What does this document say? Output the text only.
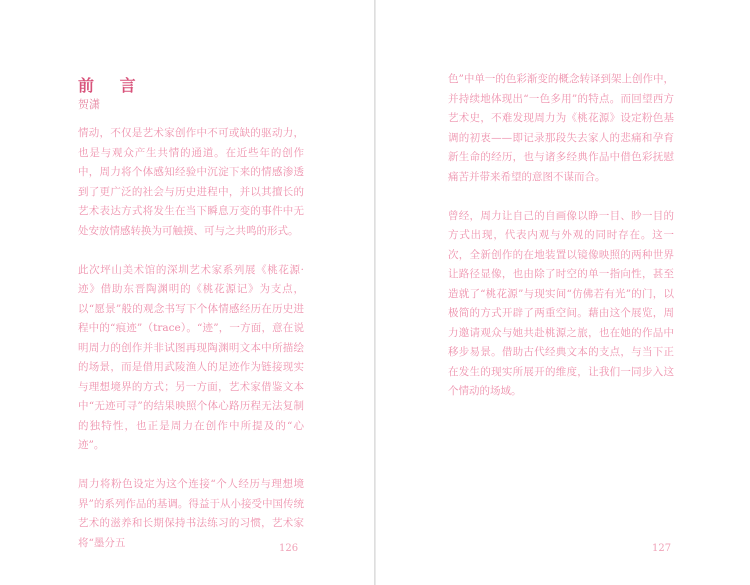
前 言
贺潇

情动，不仅是艺术家创作中不可或缺的驱动力，也是与观众产生共情的通道。在近些年的创作中，周力将个体感知经验中沉淀下来的情感渗透到了更广泛的社会与历史进程中，并以其擅长的艺术表达方式将发生在当下瞬息万变的事件中无处安放情感转换为可触摸、可与之共鸣的形式。

此次坪山美术馆的深圳艺术家系列展《桃花源·迹》借助东晋陶渊明的《桃花源记》为支点，以“愿景”般的观念书写下个体情感经历在历史进程中的“痕迹”（trace）。“迹”，一方面，意在说明周力的创作并非试图再现陶渊明文本中所描绘的场景，而是借用武陵渔人的足迹作为链接现实与理想境界的方式；另一方面，艺术家借鉴文本中“无迹可寻”的结果映照个体心路历程无法复制的独特性，也正是周力在创作中所提及的“心迹”。

周力将粉色设定为这个连接“个人经历与理想境界”的系列作品的基调。得益于从小接受中国传统艺术的滋养和长期保持书法练习的习惯，艺术家将“墨分五	126

色”中单一的色彩渐变的概念转译到架上创作中，并持续地体现出“一色多用”的特点。而回望西方艺术史，不难发现周力为《桃花源》设定粉色基调的初衷——即记录那段失去家人的悲痛和孕育新生命的经历，也与诸多经典作品中借色彩抚慰痛苦并带来希望的意图不谋而合。

曾经，周力让自己的自画像以睁一目、眇一目的方式出现，代表内观与外观的同时存在。这一次，全新创作的在地装置以镜像映照的两种世界让路径显像，也由除了时空的单一指向性，甚至造就了“桃花源”与现实间“仿佛若有光”的门，以极简的方式开辟了两重空间。藉由这个展览，周力邀请观众与她共赴桃源之旅，也在她的作品中移步易景。借助古代经典文本的支点，与当下正在发生的现实所展开的维度，让我们一同步入这个情动的场域。

127
